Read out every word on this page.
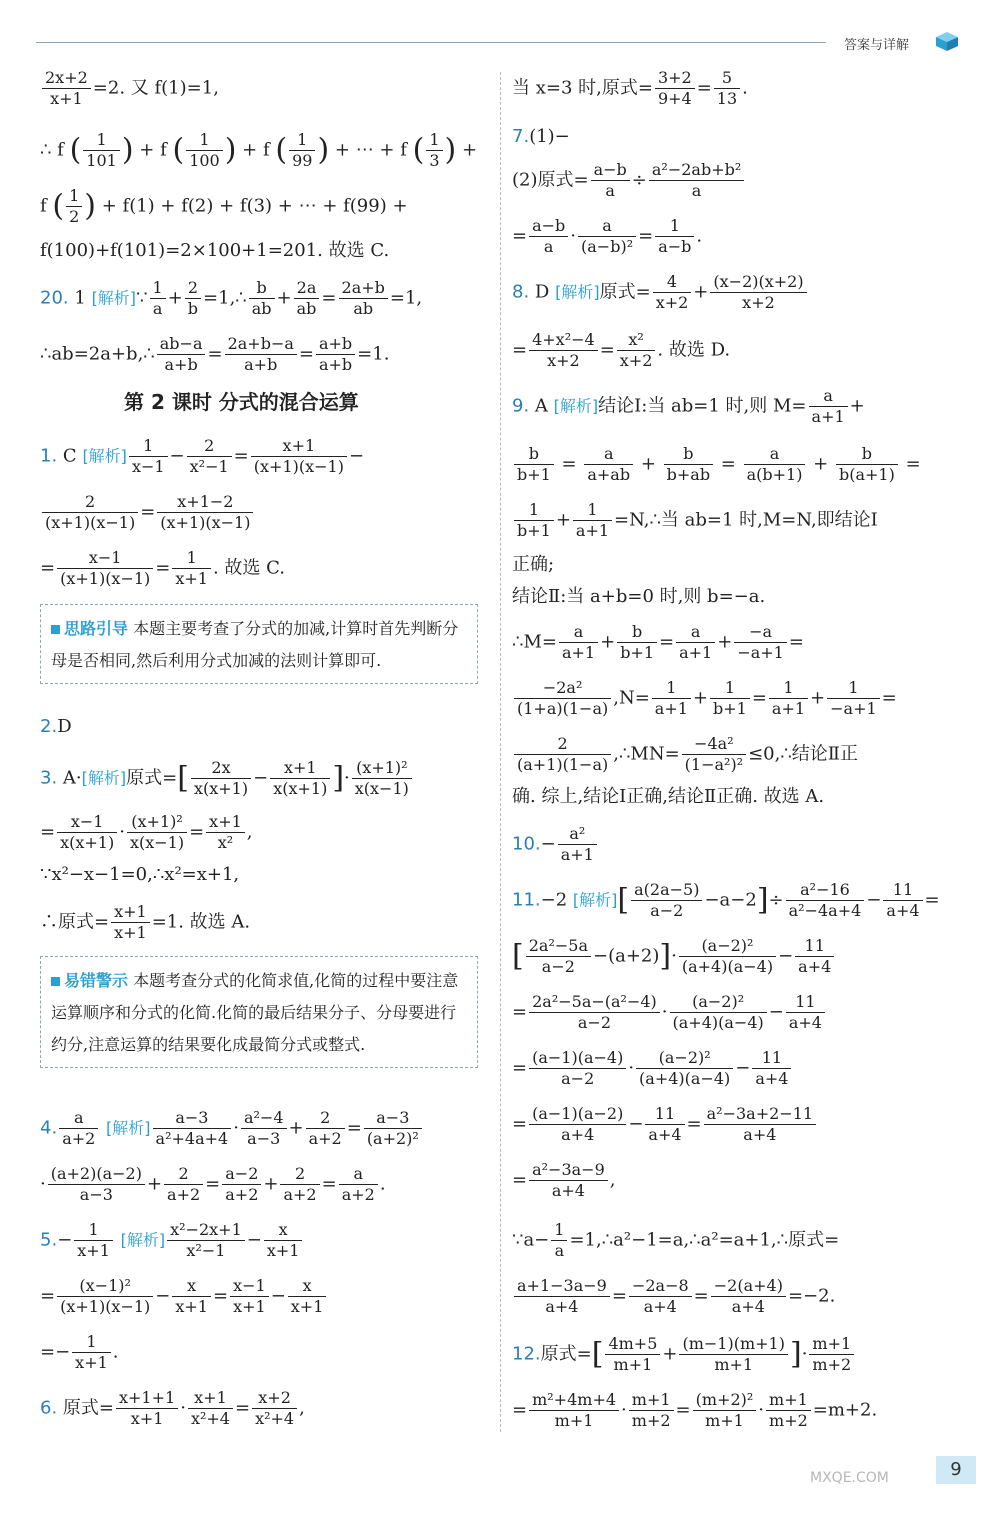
答案与详解
$\frac{2x+2}{x+1} =2$. 又 f(1)=1,
∴ f ( $\frac{1}{101}$ ) + f ( $\frac{1}{100}$ ) + f ( $\frac{1}{99}$ ) + ⋯ + f ( $\frac{1}{3}$ ) +
f ( $\frac{1}{2}$ ) + f(1) + f(2) + f(3) + ⋯ + f(99) +
f(100)+f(101)=2×100+1=201. 故选 C.
20. 1 [解析]∵ $\frac{1}{a} + \frac{2}{b}$ =1,∴ $\frac{b}{ab} + \frac{2a}{ab} = \frac{2a+b}{ab} =1$,
∴ab=2a+b,∴ $\frac{ab-a}{a+b} = \frac{2a+b-a}{a+b} = \frac{a+b}{a+b} =1$.
第 2 课时 分式的混合运算
1. C [解析] $\frac{1}{x-1} - \frac{2}{\text{x²−1}} = \frac{x+1}{(x+1)(x-1)}$ −
$\frac{2}{(x+1)(x-1)} = \frac{x+1-2}{(x+1)(x-1)}$
= $\frac{x-1}{(x+1)(x-1)} = \frac{1}{x+1}$ . 故选 C.
思路引导 本题主要考查了分式的加减,计算时首先判断分母是否相同,然后利用分式加减的法则计算即可.
2.D
3. A·[解析]原式=[ $\frac{2x}{x(x+1)} - \frac{x+1}{x(x+1)}$ ]· $\frac{\text{(x+1)²}}{x(x-1)}$
= $\frac{x-1}{x(x+1)} \cdot \frac{\text{(x+1)²}}{x(x-1)} = \frac{x+1}{\text{x²}}$ ,
∵x²−x−1=0,∴x²=x+1,
∴原式= $\frac{x+1}{x+1} =1$. 故选 A.
易错警示 本题考查分式的化简求值,化简的过程中要注意运算顺序和分式的化简.化简的最后结果分子、分母要进行约分,注意运算的结果要化成最简分式或整式.
4. $\frac{a}{a+2}$ [解析] $\frac{a-3}{\text{a²+4a+4}} \cdot \frac{\text{a²−4}}{a-3} + \frac{2}{a+2} = \frac{a-3}{\text{(a+2)²}}$
· $\frac{(a+2)(a-2)}{a-3} + \frac{2}{a+2} = \frac{a-2}{a+2} + \frac{2}{a+2} = \frac{a}{a+2}$ .
$5.- \frac{1}{x+1}$ [解析] $\frac{\text{x²−2x+1}}{\text{x²−1}} - \frac{x}{x+1}$
= $\frac{\text{(x−1)²}}{(x+1)(x-1)} - \frac{x}{x+1} = \frac{x-1}{x+1} - \frac{x}{x+1}$
=− $\frac{1}{x+1}$ .
6. 原式= $\frac{x+1+1}{x+1} \cdot \frac{x+1}{\text{x²+4}} = \frac{x+2}{\text{x²+4}}$ ,
当 x=3 时,原式= $\frac{3+2}{9+4} = \frac{5}{13}$ .
7.(1)−
(2)原式= $\frac{a-b}{a} \div \frac{\text{a²−2ab+b²}}{a}$
= $\frac{a-b}{a} \cdot \frac{a}{\text{(a−b)²}} = \frac{1}{a-b}$ .
8. D [解析]原式= $\frac{4}{x+2} + \frac{(x-2)(x+2)}{x+2}$
= $\frac{\text{4+x²−4}}{x+2} = \frac{\text{x²}}{x+2}$ . 故选 D.
9. A [解析]结论Ⅰ:当 ab=1 时,则 $M= \frac{a}{a+1}$ +
$\frac{b}{b+1} = \frac{a}{a+ab} + \frac{b}{b+ab} = \frac{a}{a(b+1)} + \frac{b}{b(a+1)}$ =
$\frac{1}{b+1} + \frac{1}{a+1}$ =N,∴当 ab=1 时,M=N,即结论Ⅰ
正确;
结论Ⅱ:当 a+b=0 时,则 b=−a.
∴M= $\frac{a}{a+1} + \frac{b}{b+1} = \frac{a}{a+1} + \frac{-a}{-a+1}$ =
$\frac{\text{−2a²}}{(1+a)(1-a)} ,N= \frac{1}{a+1} + \frac{1}{b+1} = \frac{1}{a+1} + \frac{1}{-a+1}$ =
$\frac{2}{(a+1)(1-a)}$ ,∴MN= $\frac{\text{−4a²}}{\text{(1−a²)²}}$ ≤0,∴结论Ⅱ正
确. 综上,结论Ⅰ正确,结论Ⅱ正确. 故选 A.
$10.- \frac{\text{a²}}{a+1}$
11.−2 [解析][ $\frac{a(2a-5)}{a-2} -a-2]\div \frac{\text{a²−16}}{\text{a²−4a+4}} - \frac{11}{a+4}$ =
[ $\frac{\text{2a²−5a}}{a-2} -(a+2)]\cdot \frac{\text{(a−2)²}}{(a+4)(a-4)} - \frac{11}{a+4}$
= $\frac{\text{2a²−5a−(a²−4)}}{a-2} \cdot \frac{\text{(a−2)²}}{(a+4)(a-4)} - \frac{11}{a+4}$
= $\frac{(a-1)(a-4)}{a-2} \cdot \frac{\text{(a−2)²}}{(a+4)(a-4)} - \frac{11}{a+4}$
= $\frac{(a-1)(a-2)}{a+4} - \frac{11}{a+4} = \frac{\text{a²−3a+2−11}}{a+4}$
= $\frac{\text{a²−3a−9}}{a+4}$ ,
∵a− $\frac{1}{a}$ =1,∴a²−1=a,∴a²=a+1,∴原式=
$\frac{a+1-3a-9}{a+4} = \frac{-2a-8}{a+4} = \frac{-2(a+4)}{a+4} =-2$.
12.原式=[ $\frac{4m+5}{m+1} + \frac{(m-1)(m+1)}{m+1}$ ]· $\frac{m+1}{m+2}$
= $\frac{\text{m²+4m+4}}{m+1} \cdot \frac{m+1}{m+2} = \frac{\text{(m+2)²}}{m+1} \cdot \frac{m+1}{m+2} =m+2$.
9
MXQE.COM
